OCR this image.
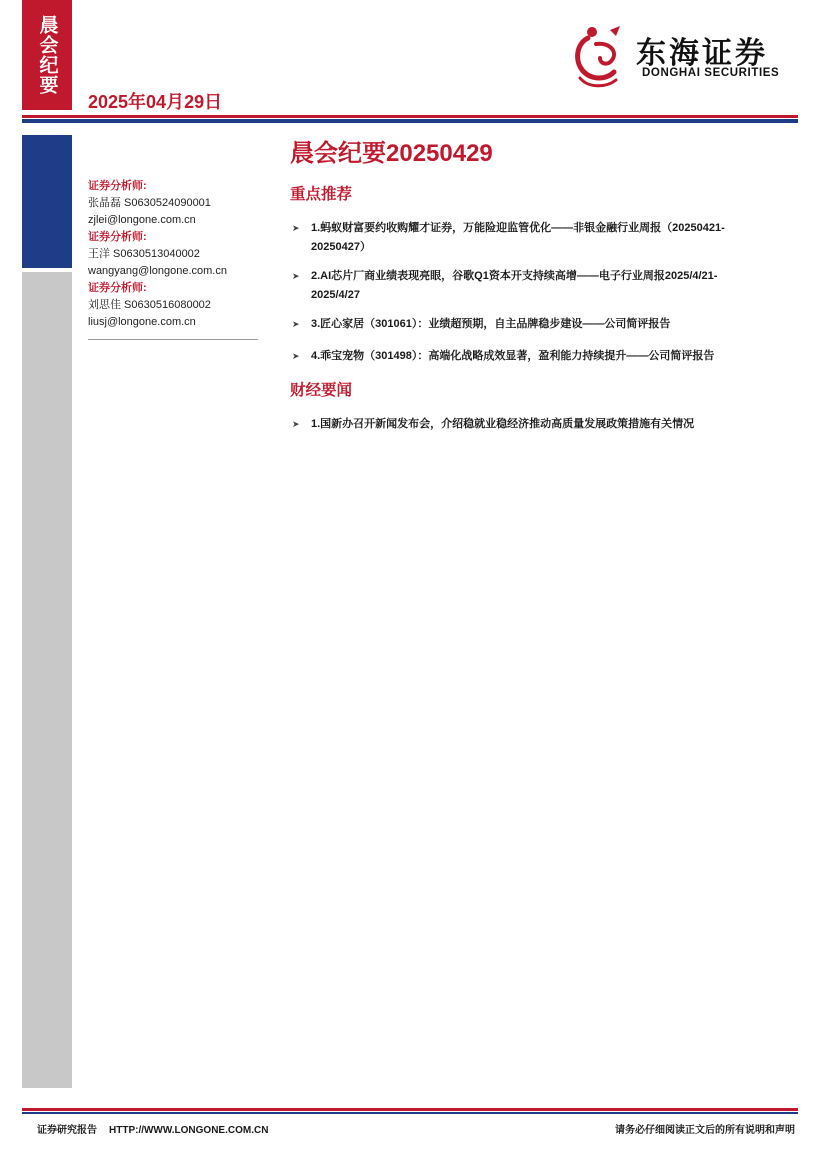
晨会纪要
2025年04月29日
东海证券
DONGHAI SECURITIES
晨会纪要20250429
证券分析师:
张晶磊 S0630524090001
zjlei@longone.com.cn
证券分析师:
王洋 S0630513040002
wangyang@longone.com.cn
证券分析师:
刘思佳 S0630516080002
liusj@longone.com.cn
重点推荐
➤ 1.蚂蚁财富要约收购耀才证券，万能险迎监管优化——非银金融行业周报（20250421-
20250427）
➤ 2.AI芯片厂商业绩表现亮眼，谷歌Q1资本开支持续高增——电子行业周报2025/4/21-
2025/4/27
➤ 3.匠心家居（301061）：业绩超预期，自主品牌稳步建设——公司简评报告
➤ 4.乖宝宠物（301498）：高端化战略成效显著，盈利能力持续提升——公司简评报告
财经要闻
➤ 1.国新办召开新闻发布会，介绍稳就业稳经济推动高质量发展政策措施有关情况
证券研究报告 HTTP://WWW.LONGONE.COM.CN	请务必仔细阅读正文后的所有说明和声明
